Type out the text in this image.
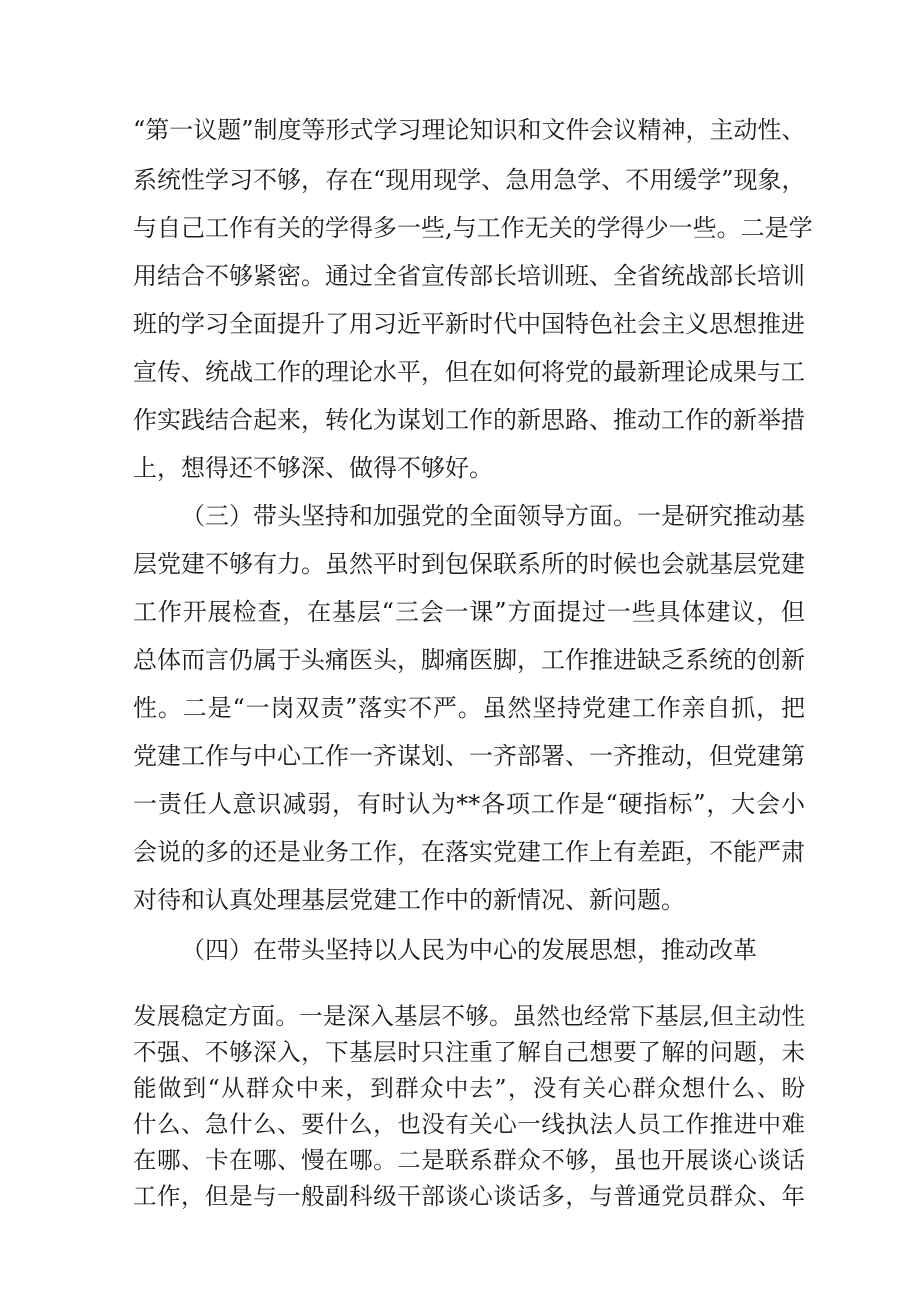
“第一议题”制度等形式学习理论知识和文件会议精神，主动性、
系统性学习不够，存在“现用现学、急用急学、不用缓学”现象，
与自己工作有关的学得多一些,与工作无关的学得少一些。二是学
用结合不够紧密。通过全省宣传部长培训班、全省统战部长培训
班的学习全面提升了用习近平新时代中国特色社会主义思想推进
宣传、统战工作的理论水平，但在如何将党的最新理论成果与工
作实践结合起来，转化为谋划工作的新思路、推动工作的新举措
上，想得还不够深、做得不够好。
（三）带头坚持和加强党的全面领导方面。一是研究推动基
层党建不够有力。虽然平时到包保联系所的时候也会就基层党建
工作开展检查，在基层“三会一课”方面提过一些具体建议，但
总体而言仍属于头痛医头，脚痛医脚，工作推进缺乏系统的创新
性。二是“一岗双责”落实不严。虽然坚持党建工作亲自抓，把
党建工作与中心工作一齐谋划、一齐部署、一齐推动，但党建第
一责任人意识减弱，有时认为**各项工作是“硬指标”，大会小
会说的多的还是业务工作，在落实党建工作上有差距，不能严肃
对待和认真处理基层党建工作中的新情况、新问题。
（四）在带头坚持以人民为中心的发展思想，推动改革
发展稳定方面。一是深入基层不够。虽然也经常下基层,但主动性
不强、不够深入，下基层时只注重了解自己想要了解的问题，未
能做到“从群众中来，到群众中去”，没有关心群众想什么、盼
什么、急什么、要什么，也没有关心一线执法人员工作推进中难
在哪、卡在哪、慢在哪。二是联系群众不够，虽也开展谈心谈话
工作，但是与一般副科级干部谈心谈话多，与普通党员群众、年
